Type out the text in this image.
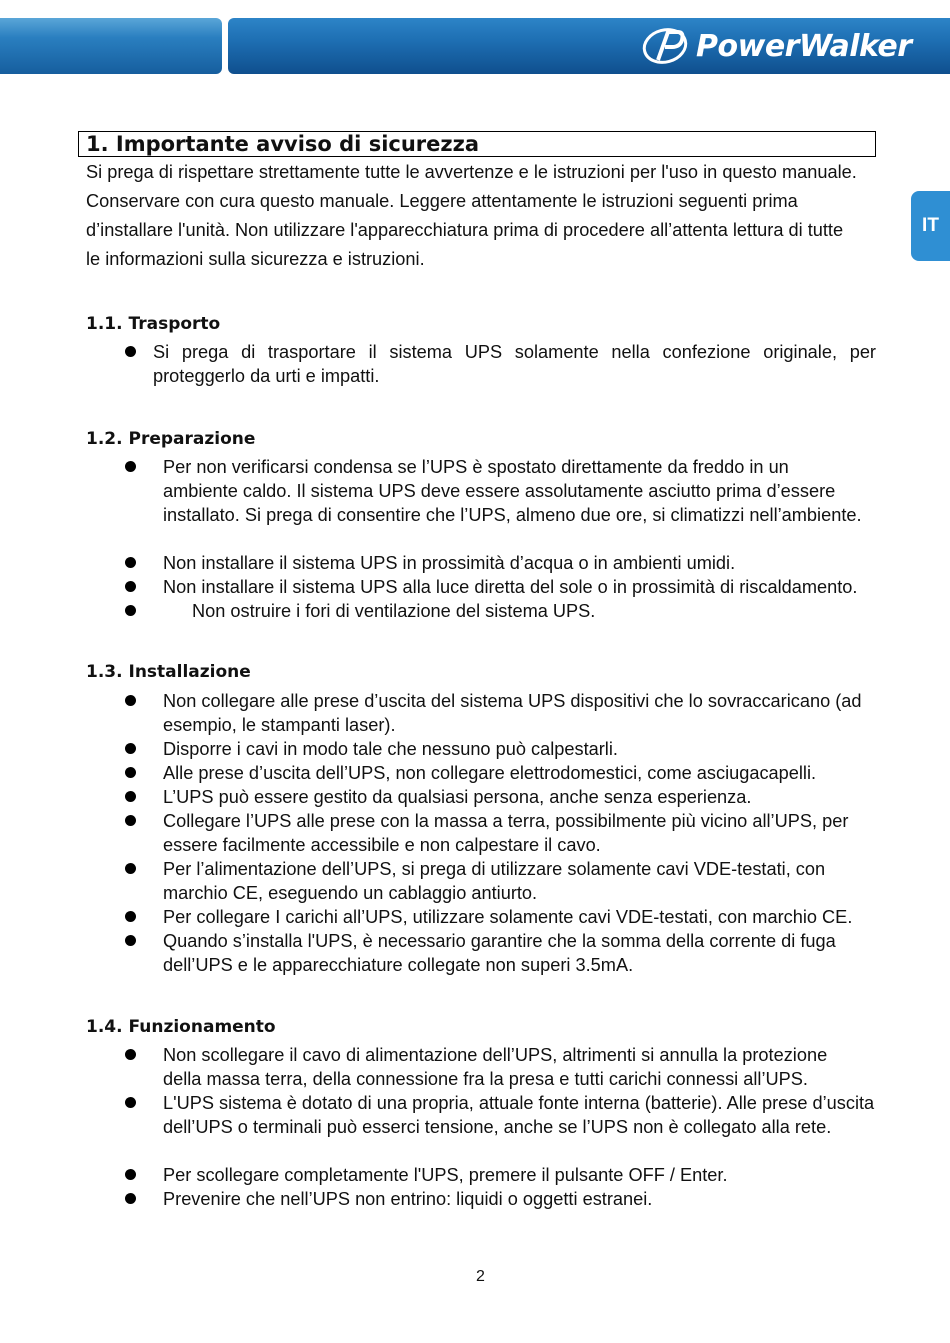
PowerWalker
IT
1. Importante avviso di sicurezza
Si prega di rispettare strettamente tutte le avvertenze e le istruzioni per l'uso in questo manuale.
Conservare con cura questo manuale. Leggere attentamente le istruzioni seguenti prima
d’installare l'unità. Non utilizzare l'apparecchiatura prima di procedere all’attenta lettura di tutte
le informazioni sulla sicurezza e istruzioni.
1.1. Trasporto
Si prega di trasportare il sistema UPS solamente nella confezione originale, per proteggerlo da urti e impatti.
1.2. Preparazione
Per non verificarsi condensa se l’UPS è spostato direttamente da freddo in un ambiente caldo. Il sistema UPS deve essere assolutamente asciutto prima d’essere installato. Si prega di consentire che l’UPS, almeno due ore, si climatizzi nell’ambiente.
Non installare il sistema UPS in prossimità d’acqua o in ambienti umidi.
Non installare il sistema UPS alla luce diretta del sole o in prossimità di riscaldamento.
Non ostruire i fori di ventilazione del sistema UPS.
1.3. Installazione
Non collegare alle prese d’uscita del sistema UPS dispositivi che lo sovraccaricano (ad esempio, le stampanti laser).
Disporre i cavi in modo tale che nessuno può calpestarli.
Alle prese d’uscita dell’UPS, non collegare elettrodomestici, come asciugacapelli.
L’UPS può essere gestito da qualsiasi persona, anche senza esperienza.
Collegare l’UPS alle prese con la massa a terra, possibilmente più vicino all’UPS, per essere facilmente accessibile e non calpestare il cavo.
Per l’alimentazione dell’UPS, si prega di utilizzare solamente cavi VDE-testati, con marchio CE, eseguendo un cablaggio antiurto.
Per collegare I carichi all’UPS, utilizzare solamente cavi VDE-testati, con marchio CE.
Quando s’installa l'UPS, è necessario garantire che la somma della corrente di fuga dell’UPS e le apparecchiature collegate non superi 3.5mA.
1.4. Funzionamento
Non scollegare il cavo di alimentazione dell’UPS, altrimenti si annulla la protezione della massa terra, della connessione fra la presa e tutti carichi connessi all’UPS.
L'UPS sistema è dotato di una propria, attuale fonte interna (batterie). Alle prese d’uscita dell’UPS o terminali può esserci tensione, anche se l’UPS non è collegato alla rete.
Per scollegare completamente l'UPS, premere il pulsante OFF / Enter.
Prevenire che nell’UPS non entrino: liquidi o oggetti estranei.
2
